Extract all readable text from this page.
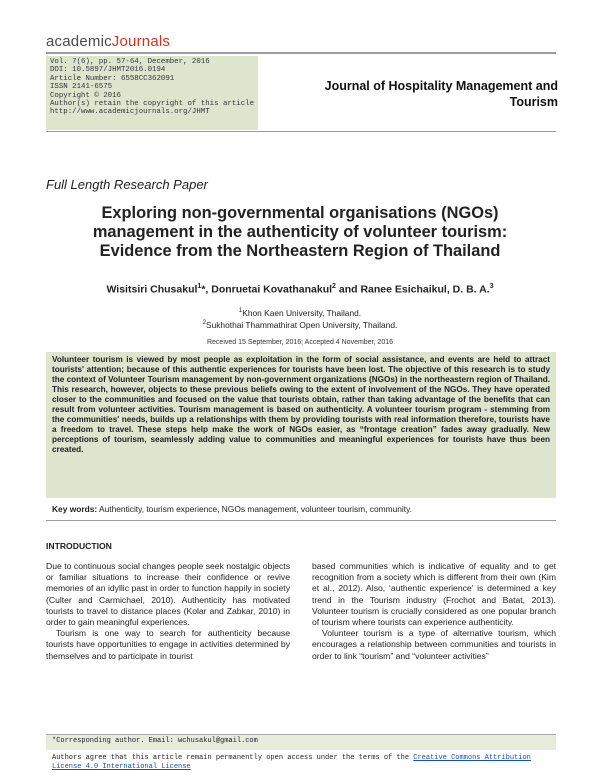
academicJournals
Vol. 7(6), pp. 57-64, December, 2016
DOI: 10.5897/JHMT2016.0194
Article Number: 6558CC362091
ISSN 2141-6575
Copyright © 2016
Author(s) retain the copyright of this article
http://www.academicjournals.org/JHMT
Journal of Hospitality Management and
Tourism
Full Length Research Paper
Exploring non-governmental organisations (NGOs)
management in the authenticity of volunteer tourism:
Evidence from the Northeastern Region of Thailand
Wisitsiri Chusakul$^1$*, Donruetai Kovathanakul$^2$ and Ranee Esichaikul, D. B. A.$^3$
$^1$Khon Kaen University, Thailand.
$^2$Sukhothai Thammathirat Open University, Thailand.
Received 15 September, 2016; Accepted 4 November, 2016

Volunteer tourism is viewed by most people as exploitation in the form of social assistance, and events are held to attract tourists' attention; because of this authentic experiences for tourists have been lost. The objective of this research is to study the context of Volunteer Tourism management by non-government organizations (NGOs) in the northeastern region of Thailand. This research, however, objects to these previous beliefs owing to the extent of involvement of the NGOs. They have operated closer to the communities and focused on the value that tourists obtain, rather than taking advantage of the benefits that can result from volunteer activities. Tourism management is based on authenticity. A volunteer tourism program - stemming from the communities' needs, builds up a relationships with them by providing tourists with real information therefore, tourists have a freedom to travel. These steps help make the work of NGOs easier, as “frontage creation” fades away gradually. New perceptions of tourism, seamlessly adding value to communities and meaningful experiences for tourists have thus been created.

Key words: Authenticity, tourism experience, NGOs management, volunteer tourism, community.
INTRODUCTION

Due to continuous social changes people seek nostalgic objects or familiar situations to increase their confidence or revive memories of an idyllic past in order to function happily in society (Culter and Carmichael, 2010). Authenticity has motivated tourists to travel to distance places (Kolar and Zabkar, 2010) in order to gain meaningful experiences.

Tourism is one way to search for authenticity because tourists have opportunities to engage in activities determined by themselves and to participate in tourist

based communities which is indicative of equality and to get recognition from a society which is different from their own (Kim et al., 2012). Also, ‘authentic experience’ is determined a key trend in the Tourism industry (Frochot and Batat, 2013). Volunteer tourism is crucially considered as one popular branch of tourism where tourists can experience authenticity.

Volunteer tourism is a type of alternative tourism, which encourages a relationship between communities and tourists in order to link “tourism” and “volunteer activities”

*Corresponding author. Email: wchusakul@gmail.com
Authors agree that this article remain permanently open access under the terms of the Creative Commons Attribution License 4.0 International License
